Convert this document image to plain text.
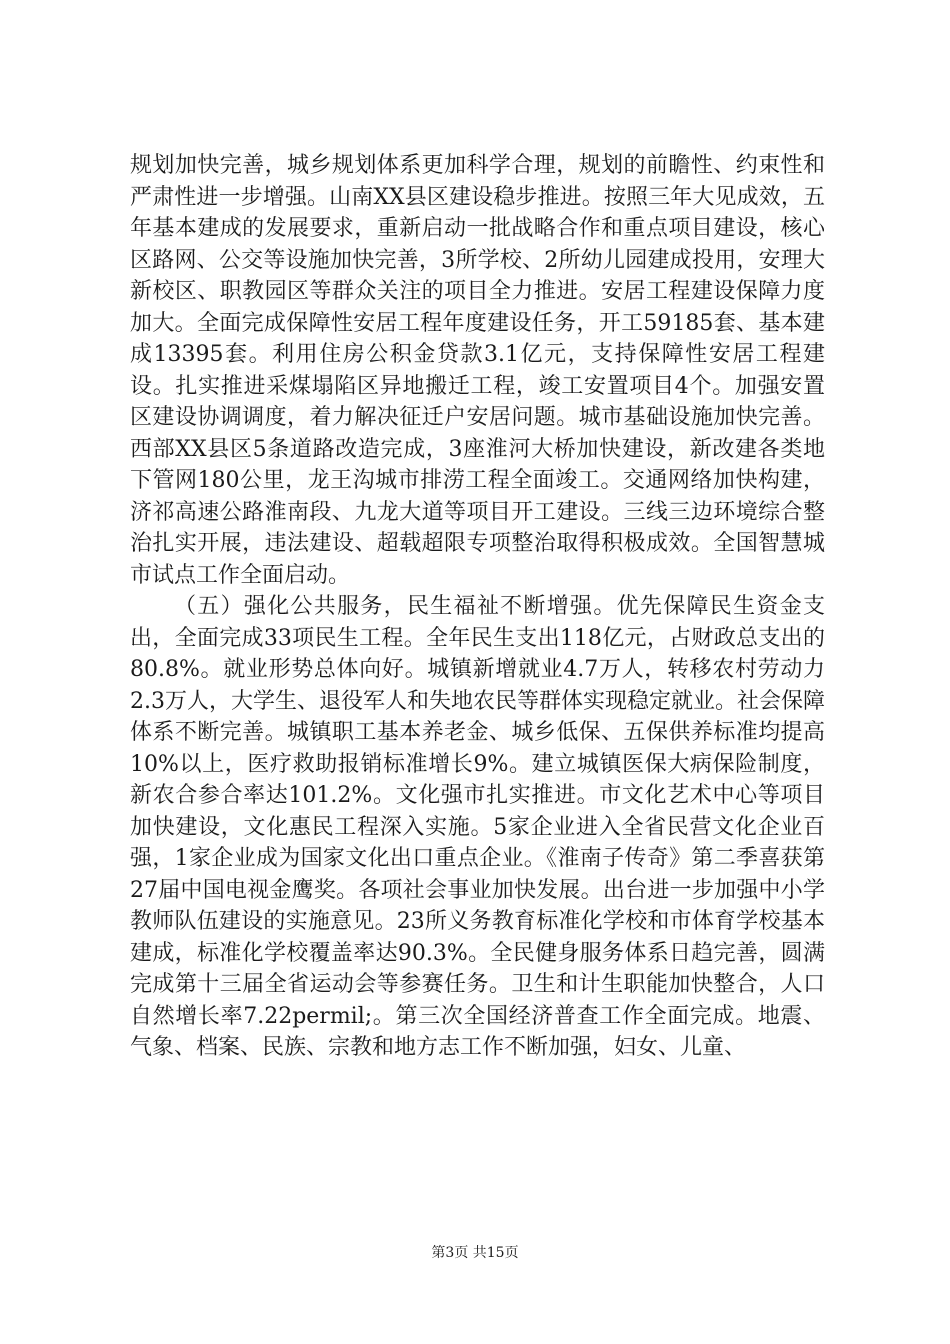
规划加快完善，城乡规划体系更加科学合理，规划的前瞻性、约束性和严肃性进一步增强。山南XX县区建设稳步推进。按照三年大见成效，五年基本建成的发展要求，重新启动一批战略合作和重点项目建设，核心区路网、公交等设施加快完善，3所学校、2所幼儿园建成投用，安理大新校区、职教园区等群众关注的项目全力推进。安居工程建设保障力度加大。全面完成保障性安居工程年度建设任务，开工59185套、基本建成13395套。利用住房公积金贷款3.1亿元，支持保障性安居工程建设。扎实推进采煤塌陷区异地搬迁工程，竣工安置项目4个。加强安置区建设协调调度，着力解决征迁户安居问题。城市基础设施加快完善。西部XX县区5条道路改造完成，3座淮河大桥加快建设，新改建各类地下管网180公里，龙王沟城市排涝工程全面竣工。交通网络加快构建，济祁高速公路淮南段、九龙大道等项目开工建设。三线三边环境综合整治扎实开展，违法建设、超载超限专项整治取得积极成效。全国智慧城市试点工作全面启动。

（五）强化公共服务，民生福祉不断增强。优先保障民生资金支出，全面完成33项民生工程。全年民生支出118亿元，占财政总支出的80.8%。就业形势总体向好。城镇新增就业4.7万人，转移农村劳动力2.3万人，大学生、退役军人和失地农民等群体实现稳定就业。社会保障体系不断完善。城镇职工基本养老金、城乡低保、五保供养标准均提高10%以上，医疗救助报销标准增长9%。建立城镇医保大病保险制度，新农合参合率达101.2%。文化强市扎实推进。市文化艺术中心等项目加快建设，文化惠民工程深入实施。5家企业进入全省民营文化企业百强，1家企业成为国家文化出口重点企业。《淮南子传奇》第二季喜获第27届中国电视金鹰奖。各项社会事业加快发展。出台进一步加强中小学教师队伍建设的实施意见。23所义务教育标准化学校和市体育学校基本建成，标准化学校覆盖率达90.3%。全民健身服务体系日趋完善，圆满完成第十三届全省运动会等参赛任务。卫生和计生职能加快整合，人口自然增长率7.22permil;。第三次全国经济普查工作全面完成。地震、气象、档案、民族、宗教和地方志工作不断加强，妇女、儿童、

第3页 共15页
